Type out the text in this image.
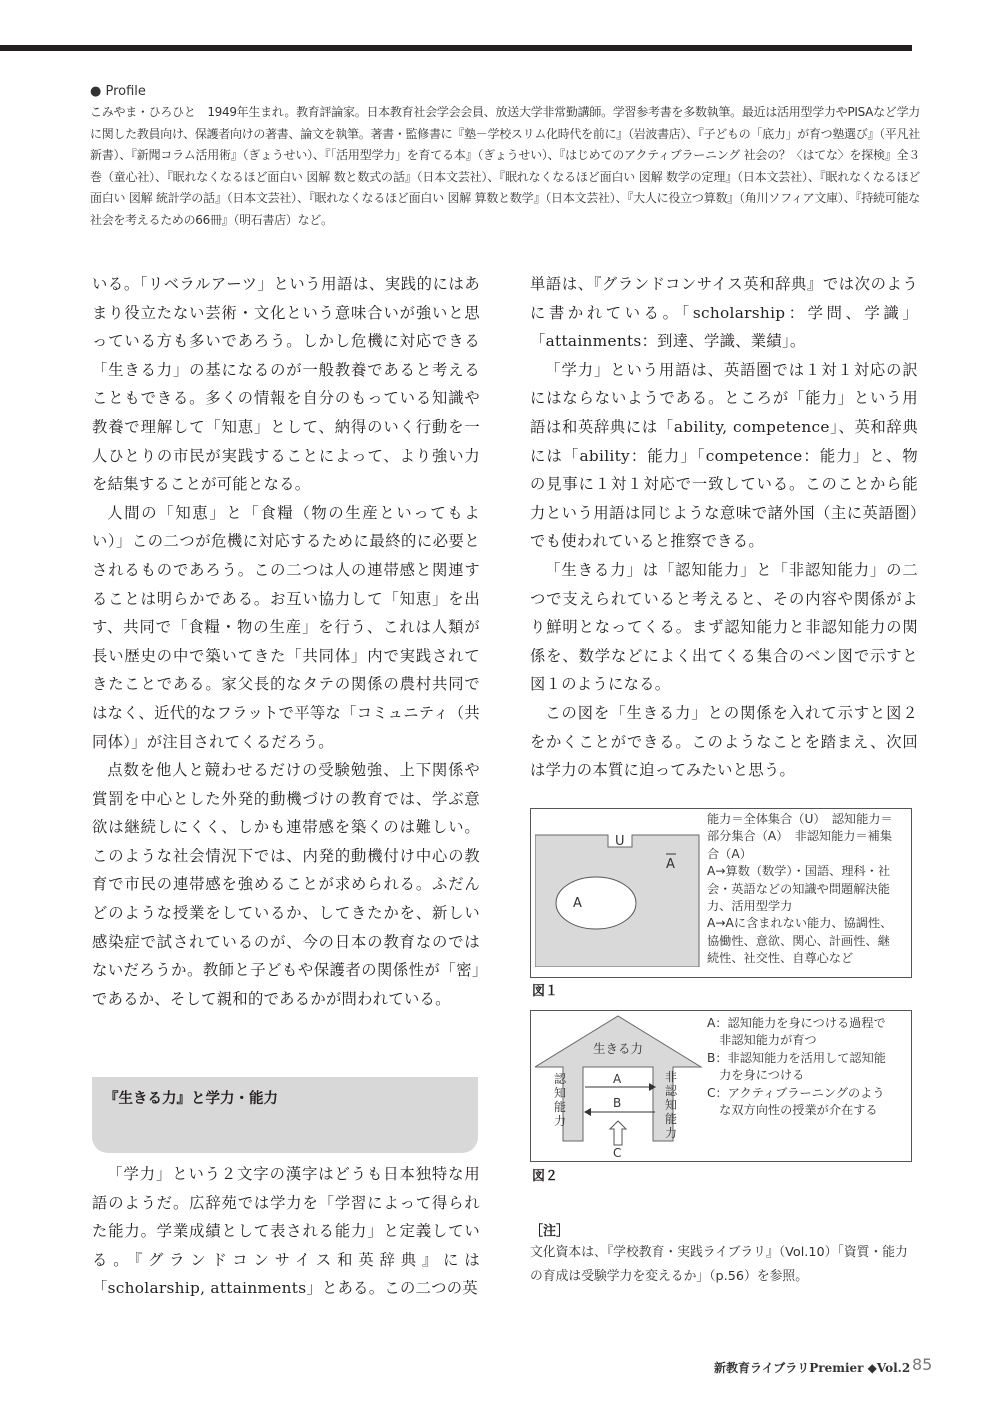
● Profile
こみやま・ひろひと　1949年生まれ。教育評論家。日本教育社会学会会員、放送大学非常勤講師。学習参考書を多数執筆。最近は活用型学力やPISAなど学力に関した教員向け、保護者向けの著書、論文を執筆。著書・監修書に『塾－学校スリム化時代を前に』（岩波書店）、『子どもの「底力」が育つ塾選び』（平凡社新書）、『新聞コラム活用術』（ぎょうせい）、『「活用型学力」を育てる本』（ぎょうせい）、『はじめてのアクティブラーニング 社会の？〈はてな〉を探検』全３巻（童心社）、『眠れなくなるほど面白い 図解 数と数式の話』（日本文芸社）、『眠れなくなるほど面白い 図解 数学の定理』（日本文芸社）、『眠れなくなるほど面白い 図解 統計学の話』（日本文芸社）、『眠れなくなるほど面白い 図解 算数と数学』（日本文芸社）、『大人に役立つ算数』（角川ソフィア文庫）、『持続可能な社会を考えるための66冊』（明石書店）など。

いる。「リベラルアーツ」という用語は、実践的にはあまり役立たない芸術・文化という意味合いが強いと思っている方も多いであろう。しかし危機に対応できる「生きる力」の基になるのが一般教養であると考えることもできる。多くの情報を自分のもっている知識や教養で理解して「知恵」として、納得のいく行動を一人ひとりの市民が実践することによって、より強い力を結集することが可能となる。

人間の「知恵」と「食糧（物の生産といってもよい）」この二つが危機に対応するために最終的に必要とされるものであろう。この二つは人の連帯感と関連することは明らかである。お互い協力して「知恵」を出す、共同で「食糧・物の生産」を行う、これは人類が長い歴史の中で築いてきた「共同体」内で実践されてきたことである。家父長的なタテの関係の農村共同ではなく、近代的なフラットで平等な「コミュニティ（共同体）」が注目されてくるだろう。

点数を他人と競わせるだけの受験勉強、上下関係や賞罰を中心とした外発的動機づけの教育では、学ぶ意欲は継続しにくく、しかも連帯感を築くのは難しい。このような社会情況下では、内発的動機付け中心の教育で市民の連帯感を強めることが求められる。ふだんどのような授業をしているか、してきたかを、新しい感染症で試されているのが、今の日本の教育なのではないだろうか。教師と子どもや保護者の関係性が「密」であるか、そして親和的であるかが問われている。

『生きる力』と学力・能力

「学力」という２文字の漢字はどうも日本独特な用語のようだ。広辞苑では学力を「学習によって得られた能力。学業成績として表される能力」と定義している。『グランドコンサイス和英辞典』には「scholarship, attainments」とある。この二つの英

単語は、『グランドコンサイス英和辞典』では次のように書かれている。「scholarship：学問、学識」「attainments：到達、学識、業績」。

「学力」という用語は、英語圏では１対１対応の訳にはならないようである。ところが「能力」という用語は和英辞典には「ability, competence」、英和辞典には「ability：能力」「competence：能力」と、物の見事に１対１対応で一致している。このことから能力という用語は同じような意味で諸外国（主に英語圏）でも使われていると推察できる。

「生きる力」は「認知能力」と「非認知能力」の二つで支えられていると考えると、その内容や関係がより鮮明となってくる。まず認知能力と非認知能力の関係を、数学などによく出てくる集合のベン図で示すと図１のようになる。

この図を「生きる力」との関係を入れて示すと図２をかくことができる。このようなことを踏まえ、次回は学力の本質に迫ってみたいと思う。

U
A
A
能力＝全体集合（U）　認知能力＝
部分集合（A）　非認知能力＝補集
合（A）
A→算数（数学）・国語、理科・社
会・英語などの知識や問題解決能
力、活用型学力
A→Aに含まれない能力、協調性、
協働性、意欲、関心、計画性、継
続性、社交性、自尊心など
図１
生きる力
認
知
能
力
非
認
知
能
力
A
B
C
A：認知能力を身につける過程で
　非認知能力が育つ
B：非認知能力を活用して認知能
　力を身につける
C：アクティブラーニングのよう
　な双方向性の授業が介在する
図２
［注］
文化資本は、『学校教育・実践ライブラリ』（Vol.10）「資質・能力の育成は受験学力を変えるか」（p.56）を参照。
新教育ライブラリPremier ◆Vol.2 85
